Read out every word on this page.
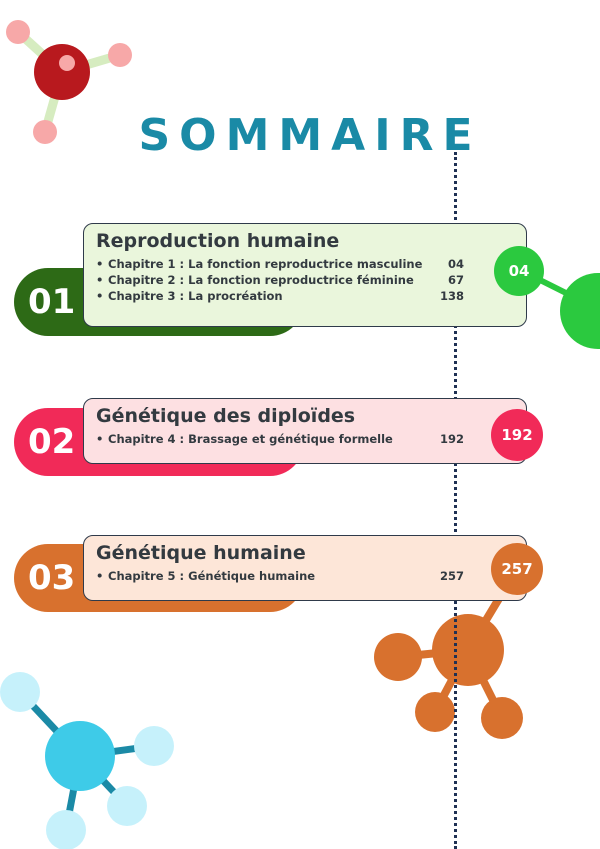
SOMMAIRE
01
Reproduction humaine
• Chapitre 1 : La fonction reproductrice masculine 04
• Chapitre 2 : La fonction reproductrice féminine	67
• Chapitre 3 : La procréation	138
04
02
Génétique des diploïdes
• Chapitre 4 : Brassage et génétique formelle	192	192
03
Génétique humaine
• Chapitre 5 : Génétique humaine	257	257
